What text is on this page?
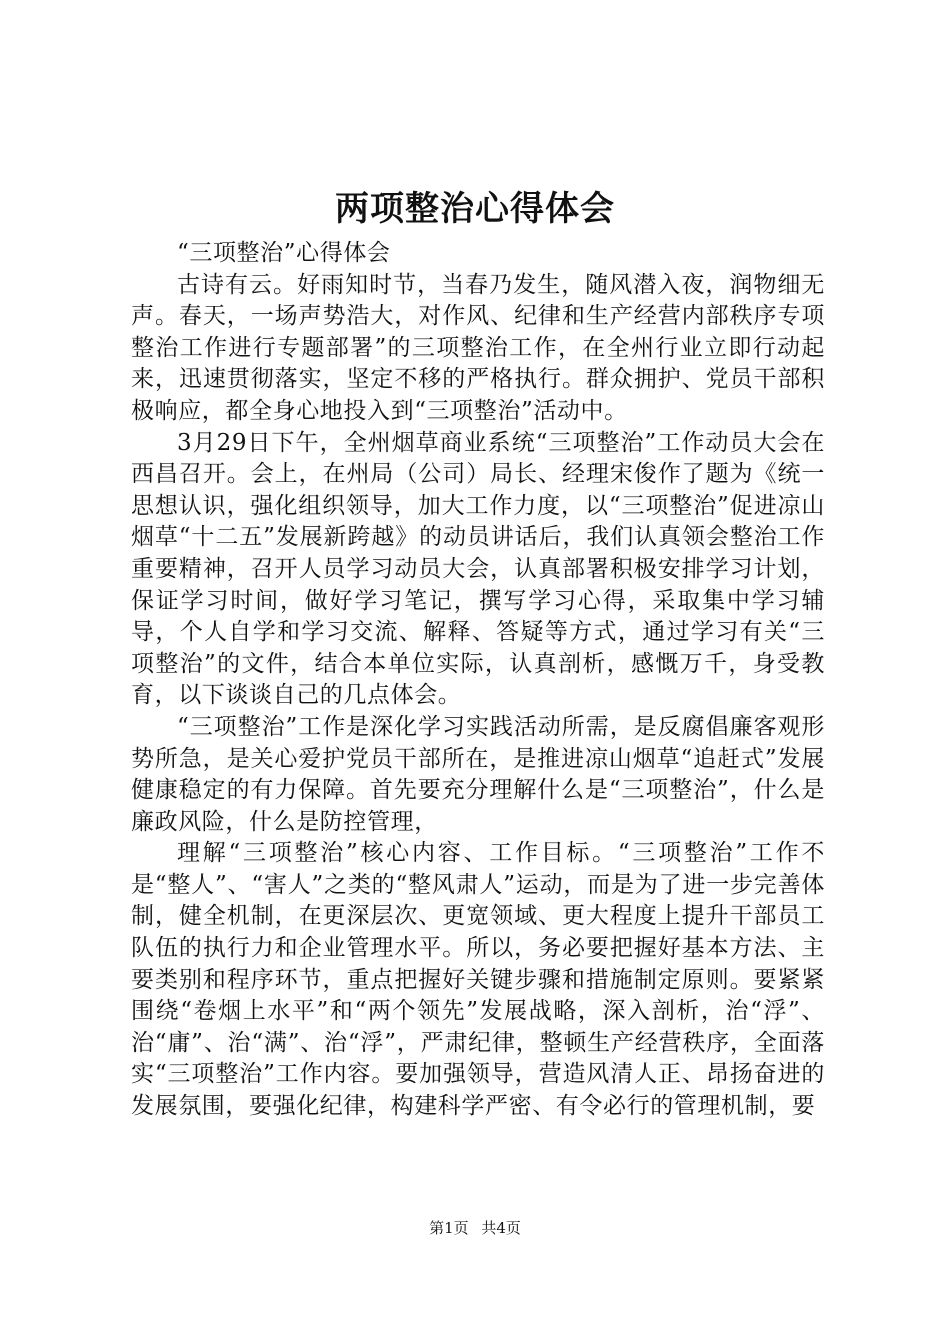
两项整治心得体会

“三项整治”心得体会

古诗有云。好雨知时节，当春乃发生，随风潜入夜，润物细无声。春天，一场声势浩大，对作风、纪律和生产经营内部秩序专项整治工作进行专题部署”的三项整治工作，在全州行业立即行动起来，迅速贯彻落实，坚定不移的严格执行。群众拥护、党员干部积极响应，都全身心地投入到“三项整治”活动中。

3月29日下午，全州烟草商业系统“三项整治”工作动员大会在西昌召开。会上，在州局（公司）局长、经理宋俊作了题为《统一思想认识，强化组织领导，加大工作力度，以“三项整治”促进凉山烟草“十二五”发展新跨越》的动员讲话后，我们认真领会整治工作重要精神，召开人员学习动员大会，认真部署积极安排学习计划，保证学习时间，做好学习笔记，撰写学习心得，采取集中学习辅导，个人自学和学习交流、解释、答疑等方式，通过学习有关“三项整治”的文件，结合本单位实际，认真剖析，感慨万千，身受教育，以下谈谈自己的几点体会。

“三项整治”工作是深化学习实践活动所需，是反腐倡廉客观形势所急，是关心爱护党员干部所在，是推进凉山烟草“追赶式”发展健康稳定的有力保障。首先要充分理解什么是“三项整治”，什么是廉政风险，什么是防控管理，

理解“三项整治”核心内容、工作目标。“三项整治”工作不是“整人”、“害人”之类的“整风肃人”运动，而是为了进一步完善体制，健全机制，在更深层次、更宽领域、更大程度上提升干部员工队伍的执行力和企业管理水平。所以，务必要把握好基本方法、主要类别和程序环节，重点把握好关键步骤和措施制定原则。要紧紧围绕“卷烟上水平”和“两个领先”发展战略，深入剖析，治“浮”、治“庸”、治“满”、治“浮”，严肃纪律，整顿生产经营秩序，全面落实“三项整治”工作内容。要加强领导，营造风清人正、昂扬奋进的发展氛围，要强化纪律，构建科学严密、有令必行的管理机制，要

第1页 共4页
